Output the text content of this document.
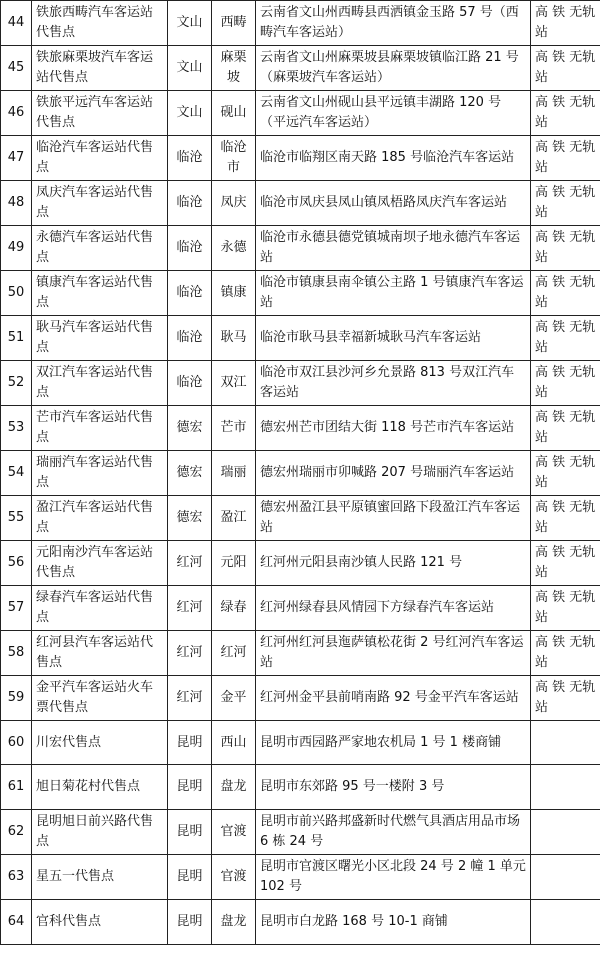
44	铁旅西畴汽车客运站代售点	文山	西畴	云南省文山州西畴县西洒镇金玉路 57 号（西畴汽车客运站）	高 铁 无轨站
45	铁旅麻栗坡汽车客运站代售点	文山	麻栗坡	云南省文山州麻栗坡县麻栗坡镇临江路 21 号（麻栗坡汽车客运站）	高 铁 无轨站
46	铁旅平远汽车客运站代售点	文山	砚山	云南省文山州砚山县平远镇丰湖路 120 号（平远汽车客运站）	高 铁 无轨站
47	临沧汽车客运站代售点	临沧	临沧市	临沧市临翔区南天路 185 号临沧汽车客运站	高 铁 无轨站
48	凤庆汽车客运站代售点	临沧	凤庆	临沧市凤庆县凤山镇凤梧路凤庆汽车客运站	高 铁 无轨站
49	永德汽车客运站代售点	临沧	永德	临沧市永德县德党镇城南坝子地永德汽车客运站	高 铁 无轨站
50	镇康汽车客运站代售点	临沧	镇康	临沧市镇康县南伞镇公主路 1 号镇康汽车客运站	高 铁 无轨站
51	耿马汽车客运站代售点	临沧	耿马	临沧市耿马县幸福新城耿马汽车客运站	高 铁 无轨站
52	双江汽车客运站代售点	临沧	双江	临沧市双江县沙河乡允景路 813 号双江汽车客运站	高 铁 无轨站
53	芒市汽车客运站代售点	德宏	芒市	德宏州芒市团结大街 118 号芒市汽车客运站	高 铁 无轨站
54	瑞丽汽车客运站代售点	德宏	瑞丽	德宏州瑞丽市卯喊路 207 号瑞丽汽车客运站	高 铁 无轨站
55	盈江汽车客运站代售点	德宏	盈江	德宏州盈江县平原镇蜜回路下段盈江汽车客运站	高 铁 无轨站
56	元阳南沙汽车客运站代售点	红河	元阳	红河州元阳县南沙镇人民路 121 号	高 铁 无轨站
57	绿春汽车客运站代售点	红河	绿春	红河州绿春县风情园下方绿春汽车客运站	高 铁 无轨站
58	红河县汽车客运站代售点	红河	红河	红河州红河县迤萨镇松花街 2 号红河汽车客运站	高 铁 无轨站
59	金平汽车客运站火车票代售点	红河	金平	红河州金平县前哨南路 92 号金平汽车客运站	高 铁 无轨站
60	川宏代售点	昆明	西山	昆明市西园路严家地农机局 1 号 1 楼商铺	
61	旭日菊花村代售点	昆明	盘龙	昆明市东郊路 95 号一楼附 3 号	
62	昆明旭日前兴路代售点	昆明	官渡	昆明市前兴路邦盛新时代燃气具酒店用品市场 6 栋 24 号	
63	星五一代售点	昆明	官渡	昆明市官渡区曙光小区北段 24 号 2 幢 1 单元 102 号	
64	官科代售点	昆明	盘龙	昆明市白龙路 168 号 10-1 商铺	
